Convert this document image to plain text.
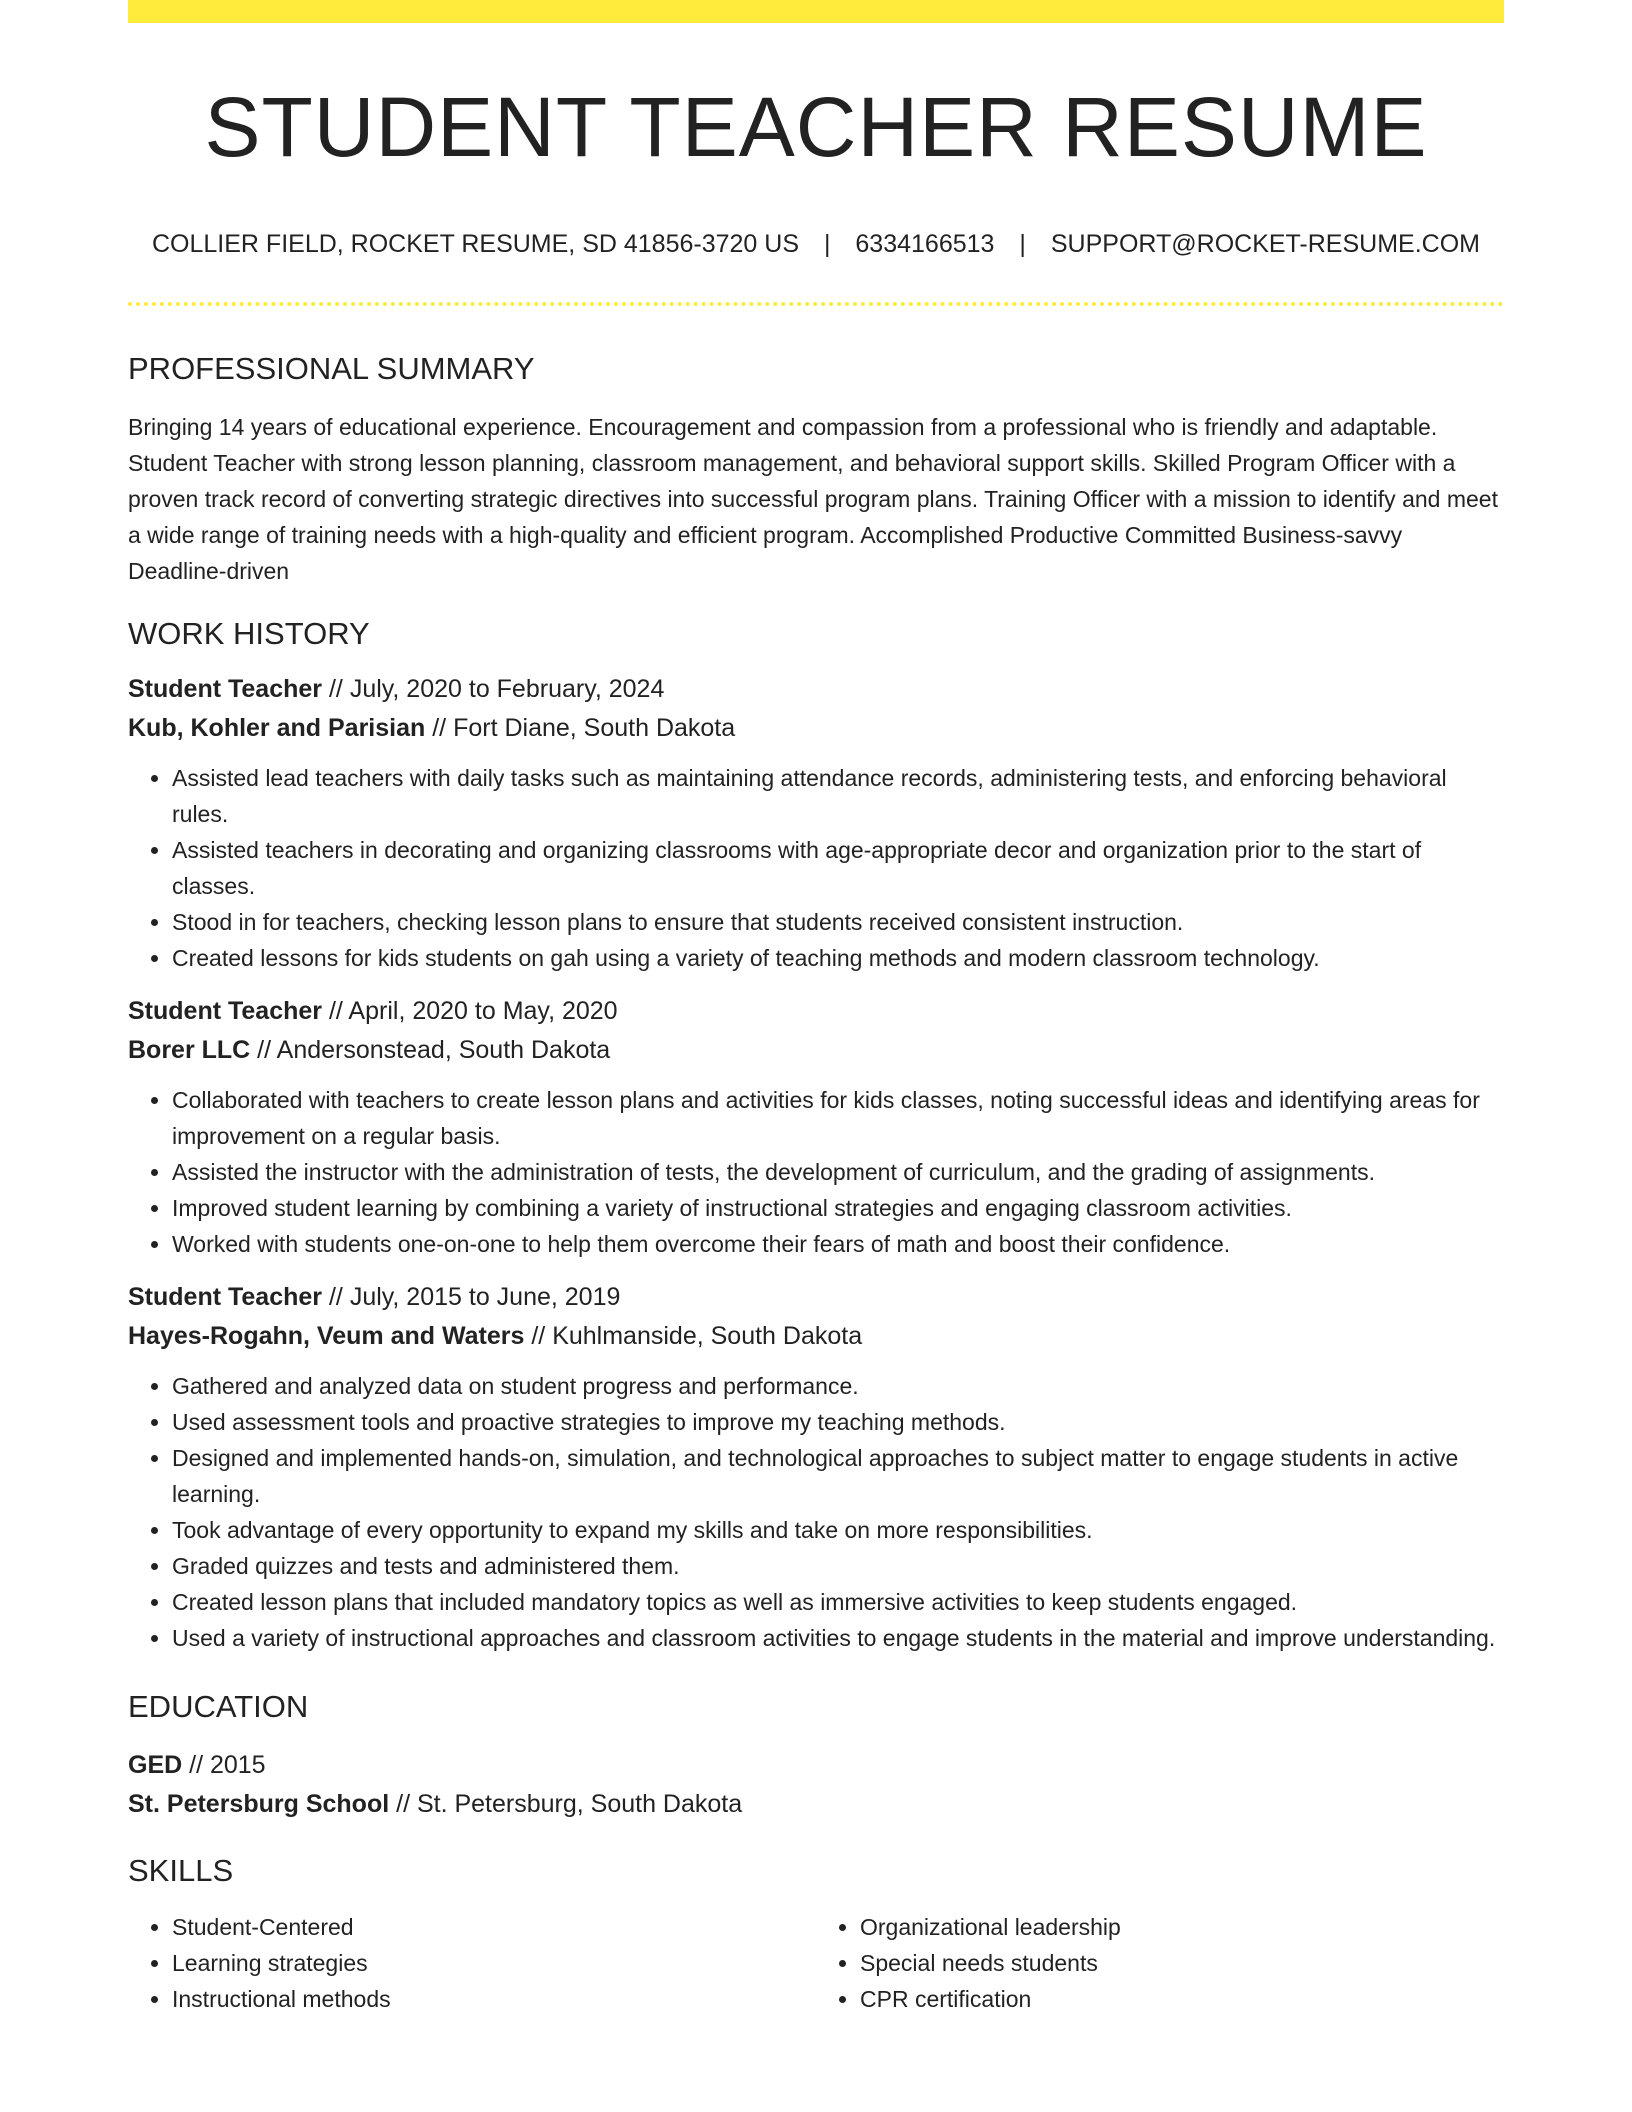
STUDENT TEACHER RESUME
COLLIER FIELD, ROCKET RESUME, SD 41856-3720 US | 6334166513 | SUPPORT@ROCKET-RESUME.COM
PROFESSIONAL SUMMARY
Bringing 14 years of educational experience. Encouragement and compassion from a professional who is friendly and adaptable. Student Teacher with strong lesson planning, classroom management, and behavioral support skills. Skilled Program Officer with a proven track record of converting strategic directives into successful program plans. Training Officer with a mission to identify and meet a wide range of training needs with a high-quality and efficient program. Accomplished Productive Committed Business-savvy Deadline-driven
WORK HISTORY
Student Teacher // July, 2020 to February, 2024
Kub, Kohler and Parisian // Fort Diane, South Dakota
• Assisted lead teachers with daily tasks such as maintaining attendance records, administering tests, and enforcing behavioral rules.
• Assisted teachers in decorating and organizing classrooms with age-appropriate decor and organization prior to the start of classes.
• Stood in for teachers, checking lesson plans to ensure that students received consistent instruction.
• Created lessons for kids students on gah using a variety of teaching methods and modern classroom technology.
Student Teacher // April, 2020 to May, 2020
Borer LLC // Andersonstead, South Dakota
• Collaborated with teachers to create lesson plans and activities for kids classes, noting successful ideas and identifying areas for improvement on a regular basis.
• Assisted the instructor with the administration of tests, the development of curriculum, and the grading of assignments.
• Improved student learning by combining a variety of instructional strategies and engaging classroom activities.
• Worked with students one-on-one to help them overcome their fears of math and boost their confidence.
Student Teacher // July, 2015 to June, 2019
Hayes-Rogahn, Veum and Waters // Kuhlmanside, South Dakota
• Gathered and analyzed data on student progress and performance.
• Used assessment tools and proactive strategies to improve my teaching methods.
• Designed and implemented hands-on, simulation, and technological approaches to subject matter to engage students in active learning.
• Took advantage of every opportunity to expand my skills and take on more responsibilities.
• Graded quizzes and tests and administered them.
• Created lesson plans that included mandatory topics as well as immersive activities to keep students engaged.
• Used a variety of instructional approaches and classroom activities to engage students in the material and improve understanding.
EDUCATION
GED // 2015
St. Petersburg School // St. Petersburg, South Dakota
SKILLS
• Student-Centered
• Learning strategies
• Instructional methods
• Organizational leadership
• Special needs students
• CPR certification
